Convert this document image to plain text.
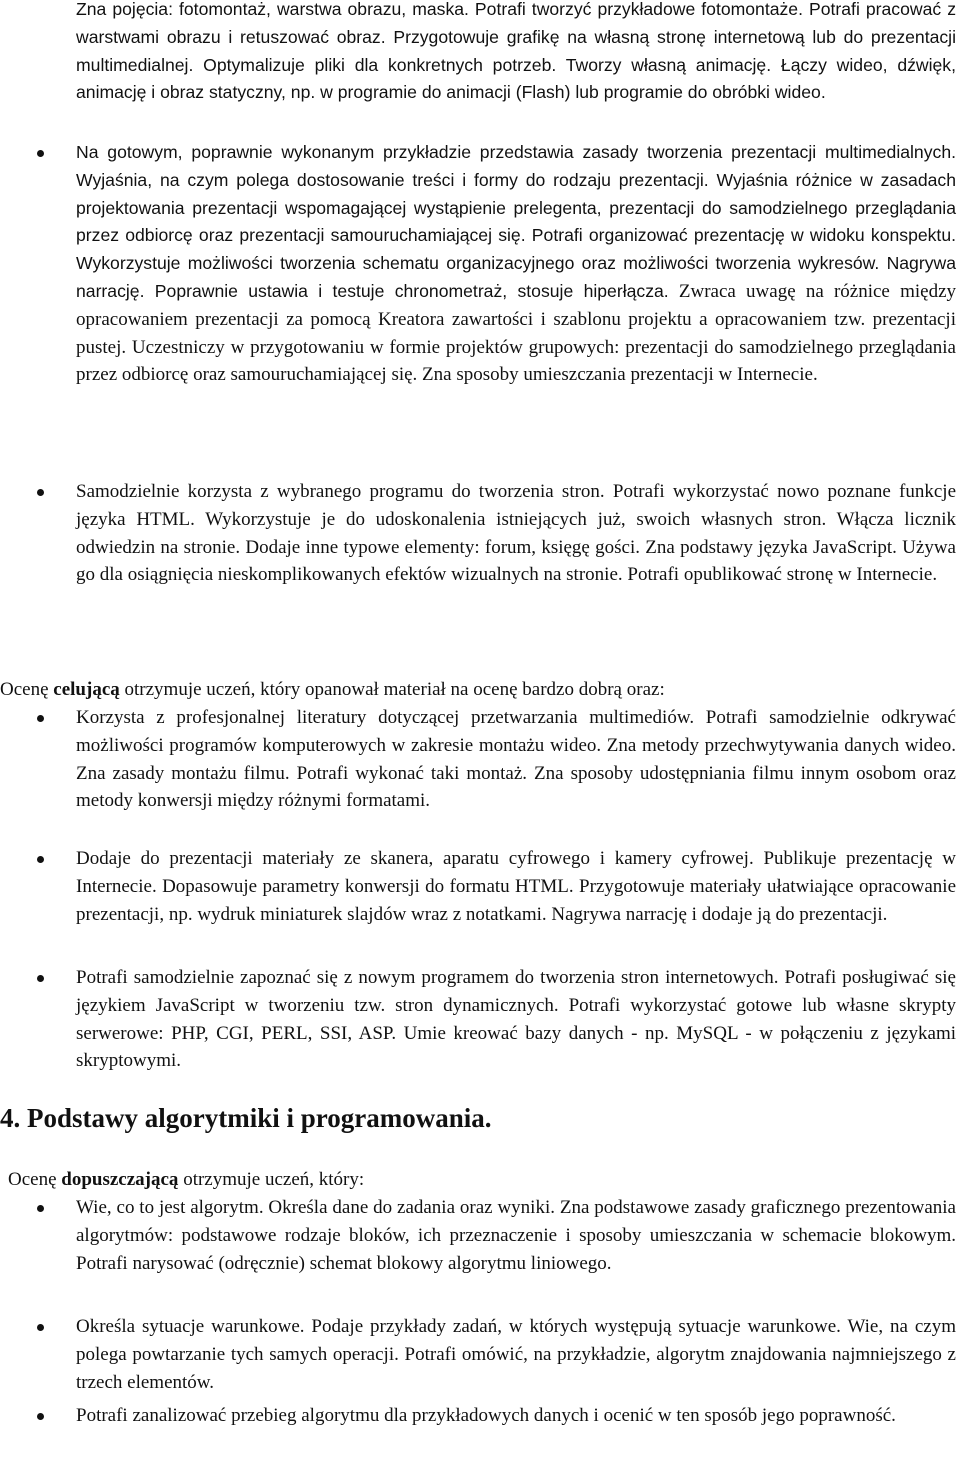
Zna pojęcia: fotomontaż, warstwa obrazu, maska. Potrafi tworzyć przykładowe fotomontaże. Potrafi pracować z warstwami obrazu i retuszować obraz. Przygotowuje grafikę na własną stronę internetową lub do prezentacji multimedialnej. Optymalizuje pliki dla konkretnych potrzeb. Tworzy własną animację. Łączy wideo, dźwięk, animację i obraz statyczny, np. w programie do animacji (Flash) lub programie do obróbki wideo.
Na gotowym, poprawnie wykonanym przykładzie przedstawia zasady tworzenia prezentacji multimedialnych. Wyjaśnia, na czym polega dostosowanie treści i formy do rodzaju prezentacji. Wyjaśnia różnice w zasadach projektowania prezentacji wspomagającej wystąpienie prelegenta, prezentacji do samodzielnego przeglądania przez odbiorcę oraz prezentacji samouruchamiającej się. Potrafi organizować prezentację w widoku konspektu. Wykorzystuje możliwości tworzenia schematu organizacyjnego oraz możliwości tworzenia wykresów. Nagrywa narrację. Poprawnie ustawia i testuje chronometraż, stosuje hiperłącza. Zwraca uwagę na różnice między opracowaniem prezentacji za pomocą Kreatora zawartości i szablonu projektu a opracowaniem tzw. prezentacji pustej. Uczestniczy w przygotowaniu w formie projektów grupowych: prezentacji do samodzielnego przeglądania przez odbiorcę oraz samouruchamiającej się. Zna sposoby umieszczania prezentacji w Internecie.
Samodzielnie korzysta z wybranego programu do tworzenia stron. Potrafi wykorzystać nowo poznane funkcje języka HTML. Wykorzystuje je do udoskonalenia istniejących już, swoich własnych stron. Włącza licznik odwiedzin na stronie. Dodaje inne typowe elementy: forum, księgę gości. Zna podstawy języka JavaScript. Używa go dla osiągnięcia nieskomplikowanych efektów wizualnych na stronie. Potrafi opublikować stronę w Internecie.
Ocenę celującą otrzymuje uczeń, który opanował materiał na ocenę bardzo dobrą oraz:
Korzysta z profesjonalnej literatury dotyczącej przetwarzania multimediów. Potrafi samodzielnie odkrywać możliwości programów komputerowych w zakresie montażu wideo. Zna metody przechwytywania danych wideo. Zna zasady montażu filmu. Potrafi wykonać taki montaż. Zna sposoby udostępniania filmu innym osobom oraz metody konwersji między różnymi formatami.
Dodaje do prezentacji materiały ze skanera, aparatu cyfrowego i kamery cyfrowej. Publikuje prezentację w Internecie. Dopasowuje parametry konwersji do formatu HTML. Przygotowuje materiały ułatwiające opracowanie prezentacji, np. wydruk miniaturek slajdów wraz z notatkami. Nagrywa narrację i dodaje ją do prezentacji.
Potrafi samodzielnie zapoznać się z nowym programem do tworzenia stron internetowych. Potrafi posługiwać się językiem JavaScript w tworzeniu tzw. stron dynamicznych. Potrafi wykorzystać gotowe lub własne skrypty serwerowe: PHP, CGI, PERL, SSI, ASP. Umie kreować bazy danych - np. MySQL - w połączeniu z językami skryptowymi.
4. Podstawy algorytmiki i programowania.
Ocenę dopuszczającą otrzymuje uczeń, który:
Wie, co to jest algorytm. Określa dane do zadania oraz wyniki. Zna podstawowe zasady graficznego prezentowania algorytmów: podstawowe rodzaje bloków, ich przeznaczenie i sposoby umieszczania w schemacie blokowym. Potrafi narysować (odręcznie) schemat blokowy algorytmu liniowego.
Określa sytuacje warunkowe. Podaje przykłady zadań, w których występują sytuacje warunkowe. Wie, na czym polega powtarzanie tych samych operacji. Potrafi omówić, na przykładzie, algorytm znajdowania najmniejszego z trzech elementów.
Potrafi zanalizować przebieg algorytmu dla przykładowych danych i ocenić w ten sposób jego poprawność.
